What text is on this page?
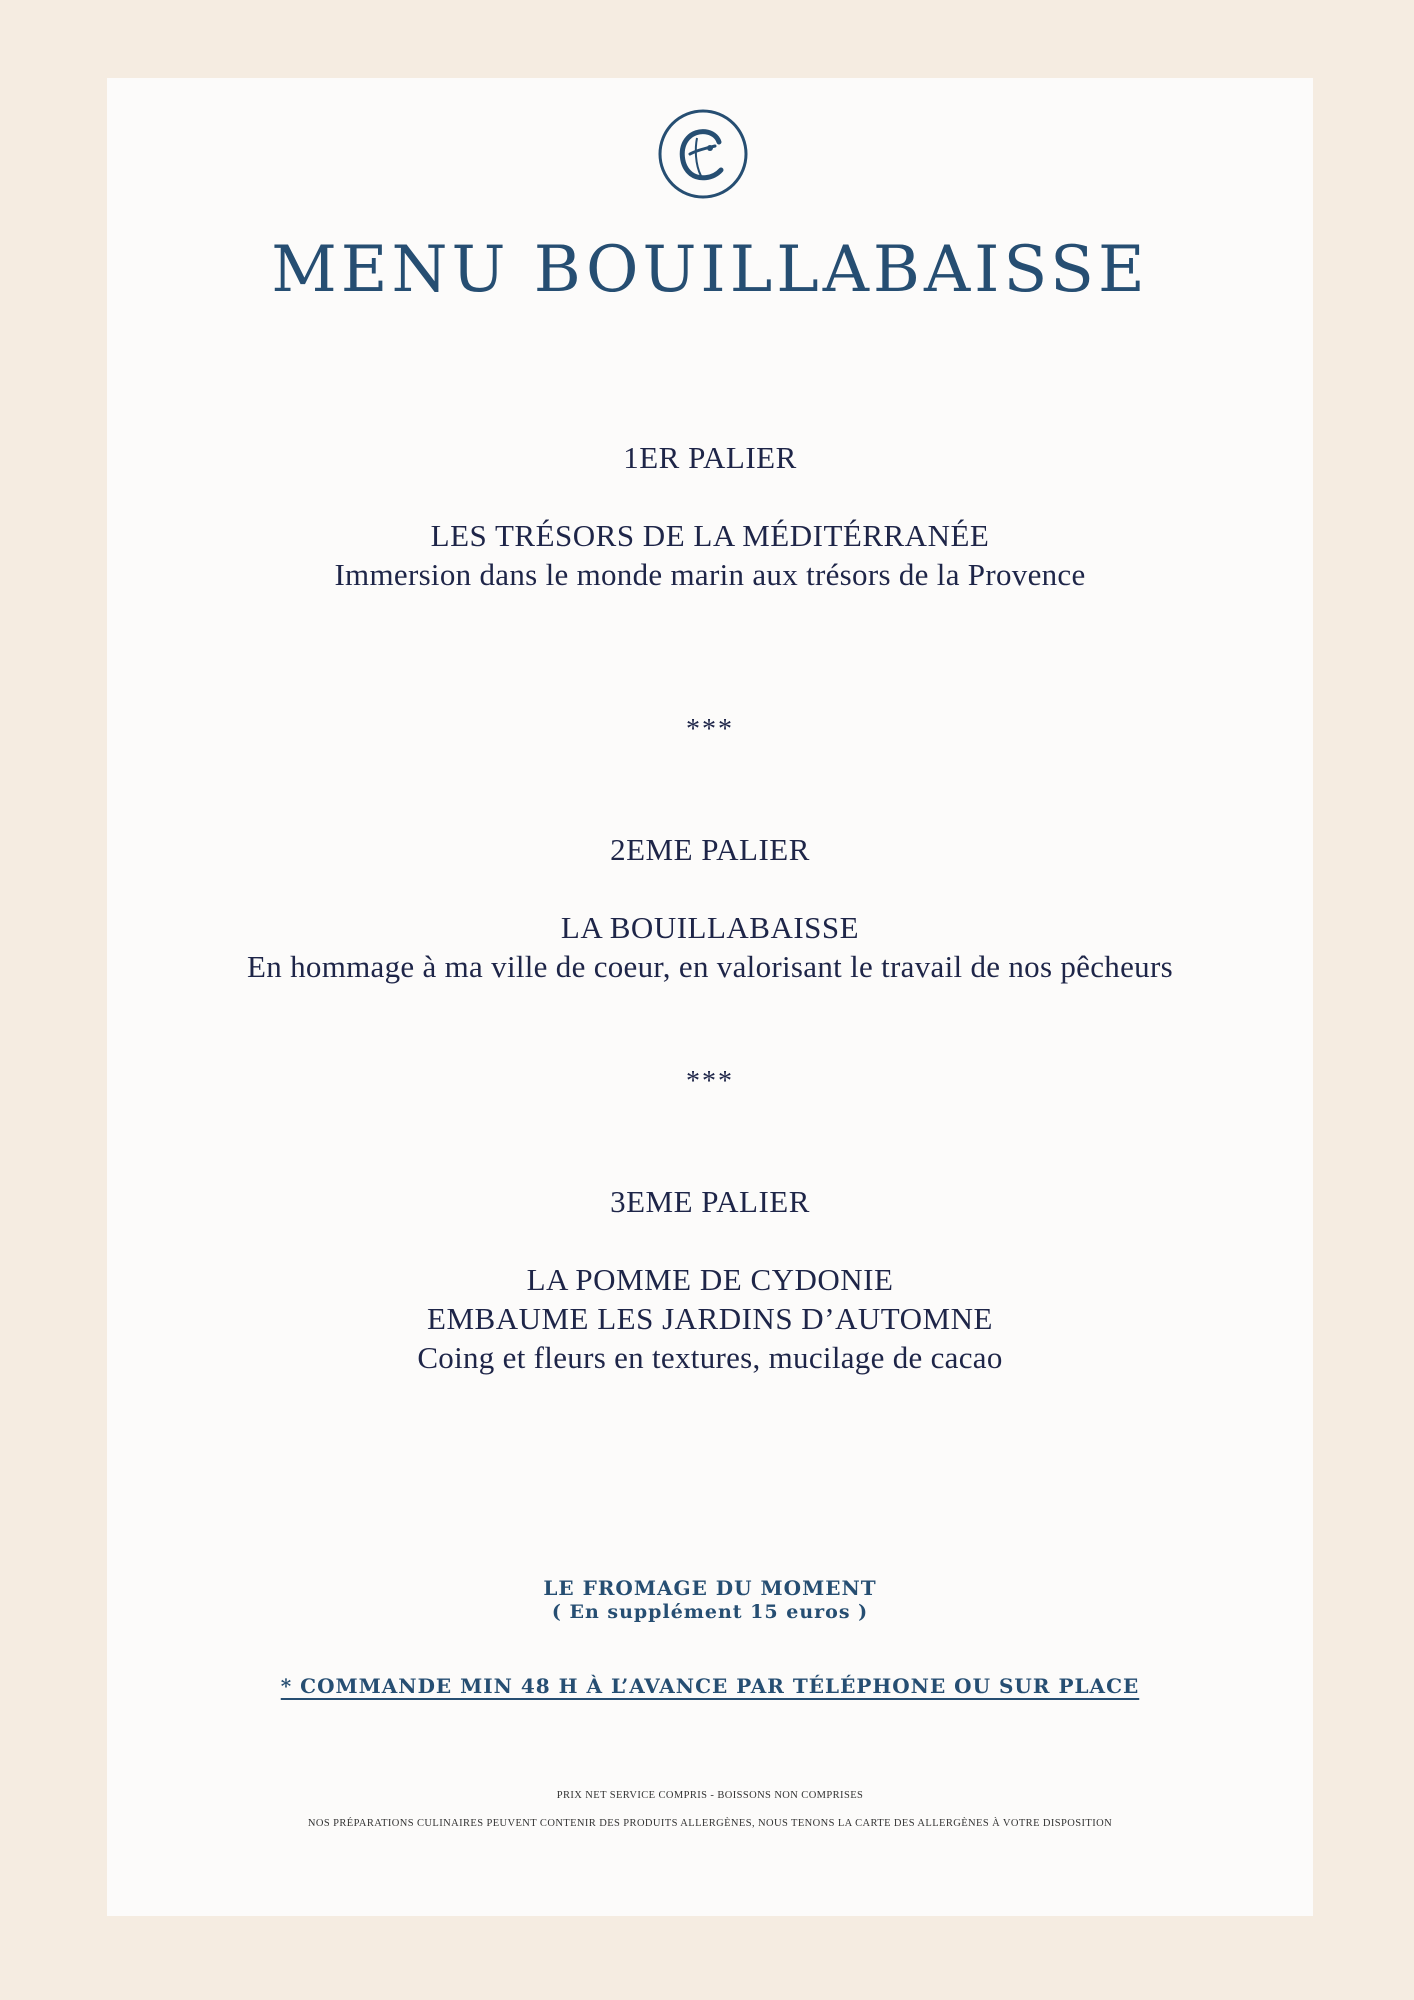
MENU BOUILLABAISSE
1ER PALIER
LES TRÉSORS DE LA MÉDITÉRRANÉE
Immersion dans le monde marin aux trésors de la Provence
***
2EME PALIER
LA BOUILLABAISSE
En hommage à ma ville de coeur, en valorisant le travail de nos pêcheurs
***
3EME PALIER
LA POMME DE CYDONIE
EMBAUME LES JARDINS D’AUTOMNE
Coing et fleurs en textures, mucilage de cacao
LE FROMAGE DU MOMENT
( En supplément 15 euros )
* COMMANDE MIN 48 H À L’AVANCE PAR TÉLÉPHONE OU SUR PLACE
PRIX NET SERVICE COMPRIS - BOISSONS NON COMPRISES
NOS PRÉPARATIONS CULINAIRES PEUVENT CONTENIR DES PRODUITS ALLERGÈNES, NOUS TENONS LA CARTE DES ALLERGÈNES À VOTRE DISPOSITION
